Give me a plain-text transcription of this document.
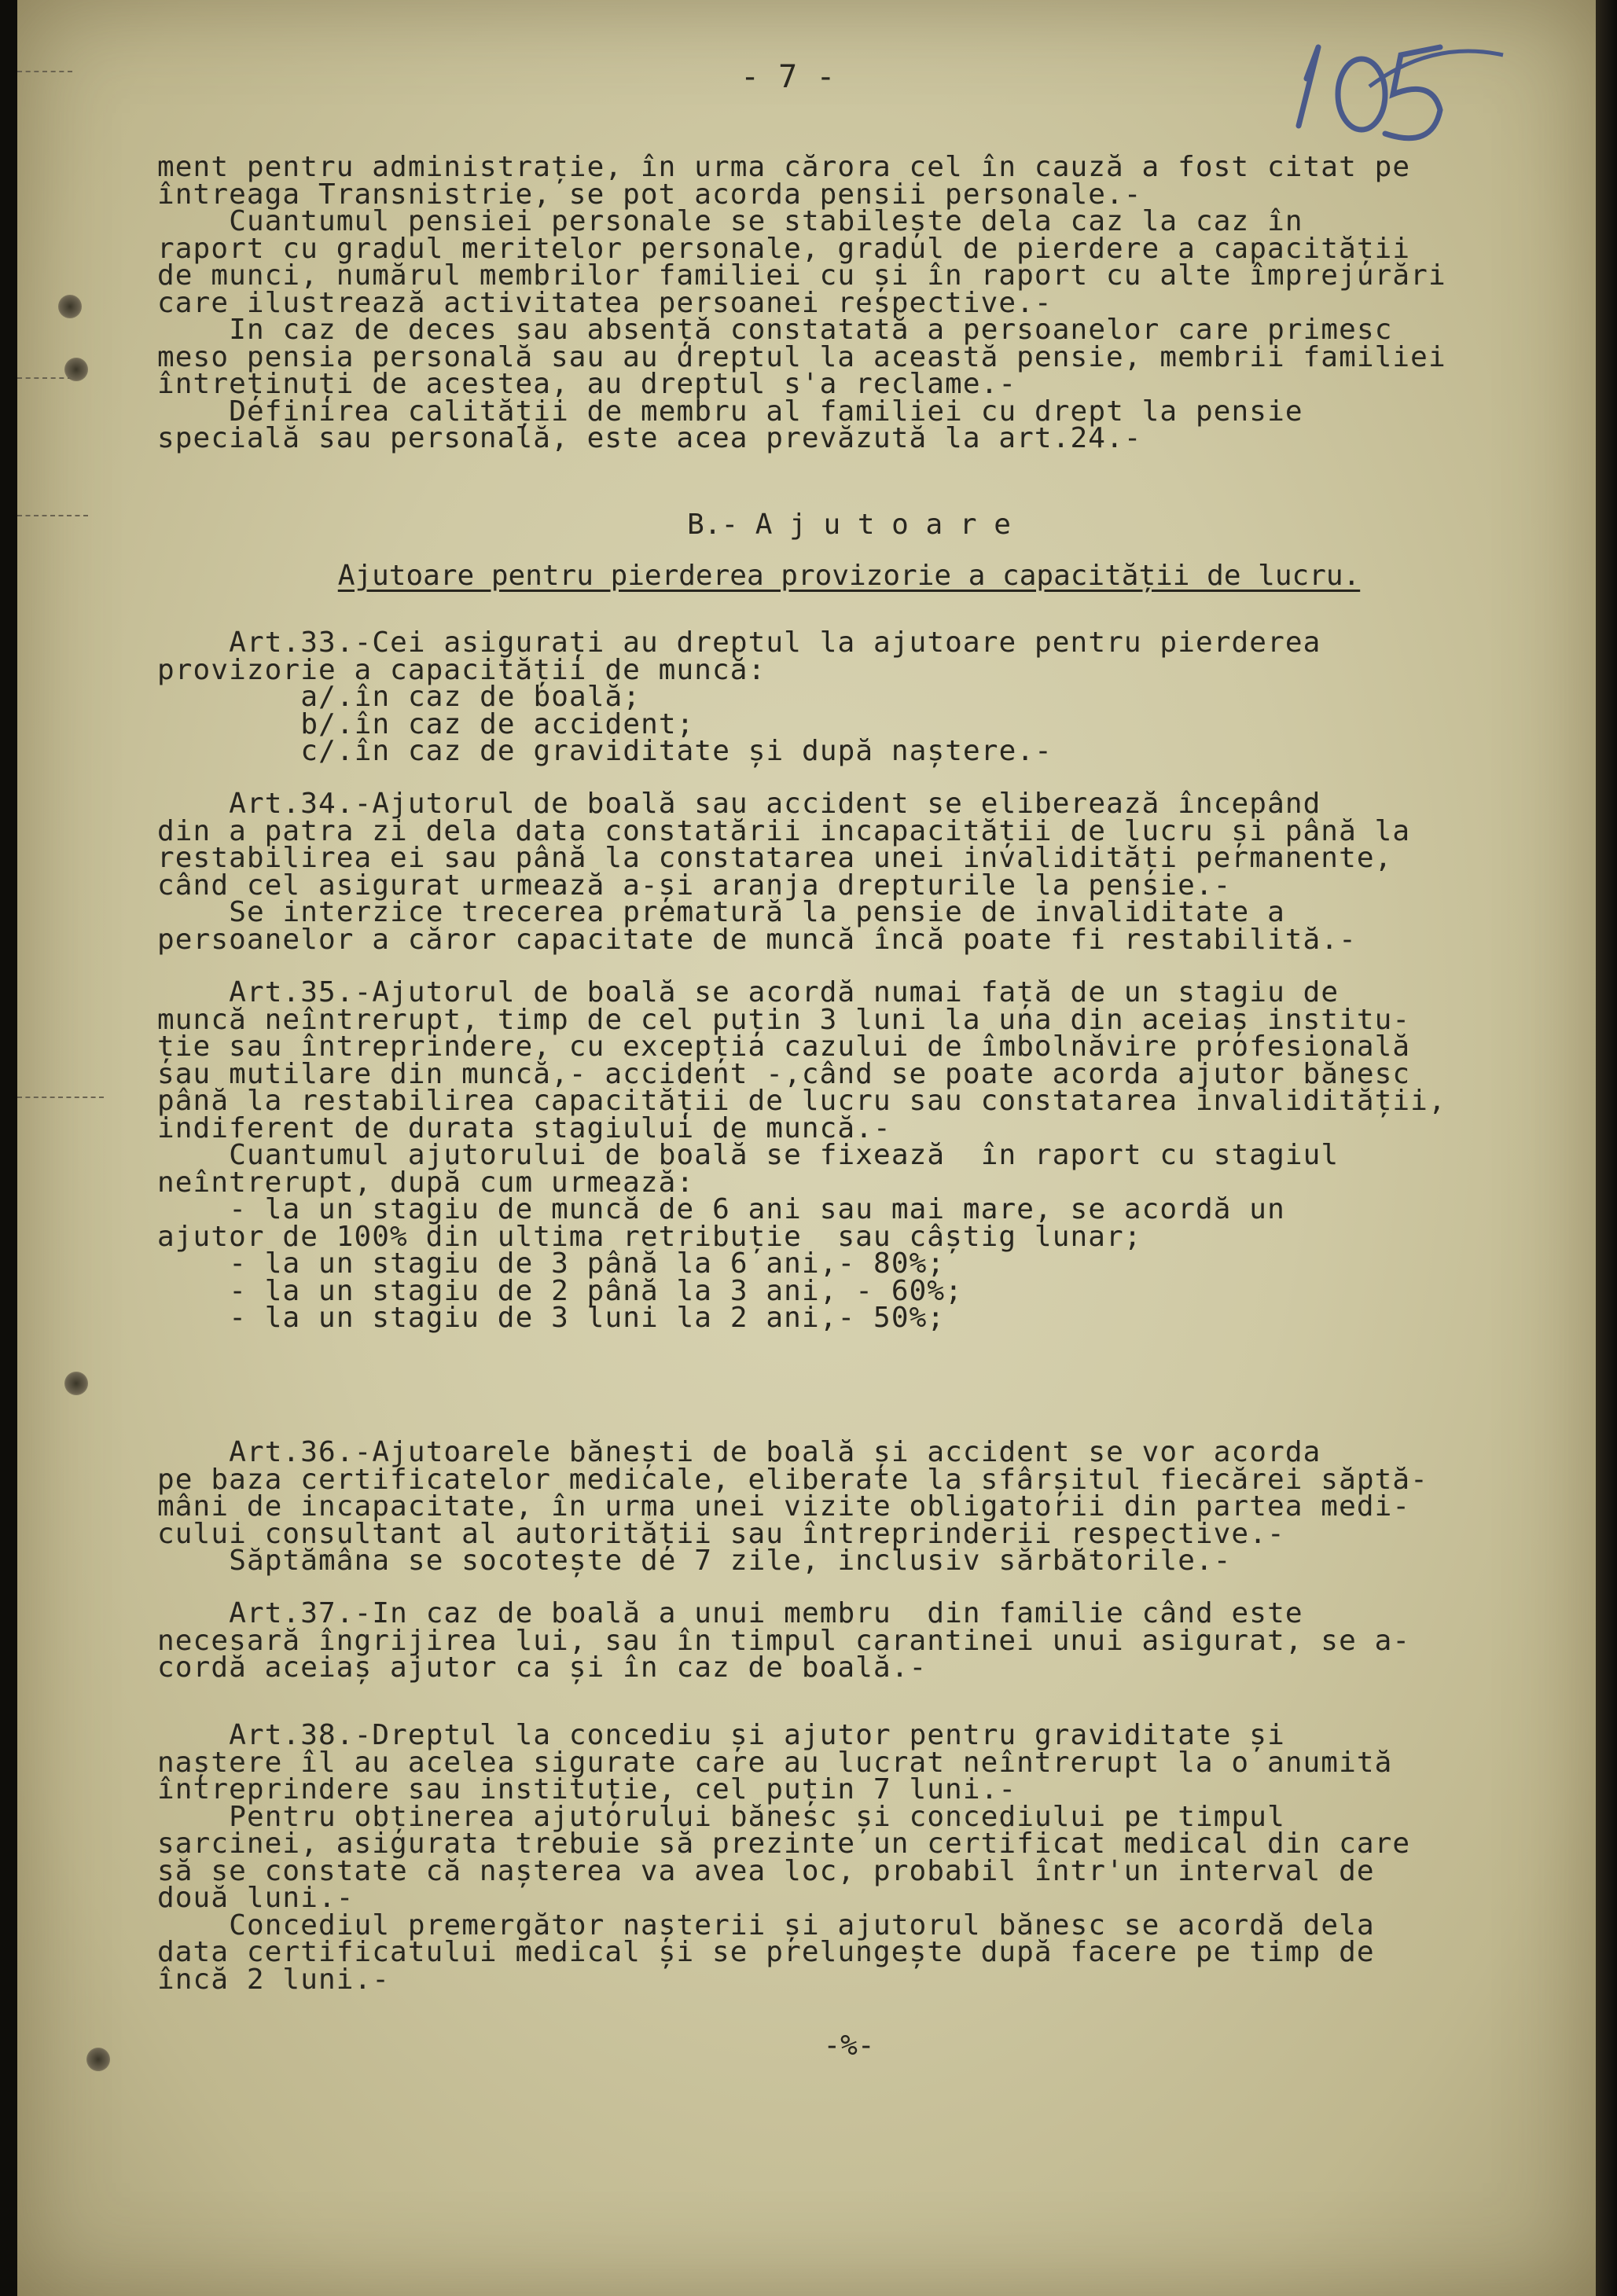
- 7 -
ment pentru administrație, în urma cărora cel în cauză a fost citat pe
întreaga Transnistrie, se pot acorda pensii personale.-
Cuantumul pensiei personale se stabilește dela caz la caz în
raport cu gradul meritelor personale, gradul de pierdere a capacității
de munci, numărul membrilor familiei cu și în raport cu alte împrejurări
care ilustrează activitatea persoanei respective.-
In caz de deces sau absență constatată a persoanelor care primesc
meso pensia personală sau au dreptul la această pensie, membrii familiei
întreținuți de acestea, au dreptul s'a reclame.-
Definirea calității de membru al familiei cu drept la pensie
specială sau personală, este acea prevăzută la art.24.-
B.- A j u t o a r e
Ajutoare pentru pierderea provizorie a capacității de lucru.
Art.33.-Cei asigurați au dreptul la ajutoare pentru pierderea
provizorie a capacității de muncă:
a/.în caz de boală;
b/.în caz de accident;
c/.în caz de graviditate și după naștere.-
Art.34.-Ajutorul de boală sau accident se eliberează începând
din a patra zi dela data constatării incapacității de lucru și până la
restabilirea ei sau până la constatarea unei invalidități permanente,
când cel asigurat urmează a-și aranja drepturile la pensie.-
Se interzice trecerea prematură la pensie de invaliditate a
persoanelor a căror capacitate de muncă încă poate fi restabilită.-
Art.35.-Ajutorul de boală se acordă numai față de un stagiu de
muncă neîntrerupt, timp de cel puțin 3 luni la una din aceiaș institu-
ție sau întreprindere, cu excepția cazului de îmbolnăvire profesională
sau mutilare din muncă,- accident -,când se poate acorda ajutor bănesc
până la restabilirea capacității de lucru sau constatarea invalidității,
indiferent de durata stagiului de muncă.-
Cuantumul ajutorului de boală se fixează  în raport cu stagiul
neîntrerupt, după cum urmează:
- la un stagiu de muncă de 6 ani sau mai mare, se acordă un
ajutor de 100% din ultima retribuție  sau câștig lunar;
- la un stagiu de 3 până la 6 ani,- 80%;
- la un stagiu de 2 până la 3 ani, - 60%;
- la un stagiu de 3 luni la 2 ani,- 50%;
Art.36.-Ajutoarele bănești de boală și accident se vor acorda
pe baza certificatelor medicale, eliberate la sfârșitul fiecărei săptă-
mâni de incapacitate, în urma unei vizite obligatorii din partea medi-
cului consultant al autorității sau întreprinderii respective.-
Săptămâna se socotește de 7 zile, inclusiv sărbătorile.-
Art.37.-In caz de boală a unui membru  din familie când este
necesară îngrijirea lui, sau în timpul carantinei unui asigurat, se a-
cordă aceiaș ajutor ca și în caz de boală.-
Art.38.-Dreptul la concediu și ajutor pentru graviditate și
naștere îl au acelea sigurate care au lucrat neîntrerupt la o anumită
întreprindere sau instituție, cel puțin 7 luni.-
Pentru obținerea ajutorului bănesc și concediului pe timpul
sarcinei, asigurata trebuie să prezinte un certificat medical din care
să se constate că nașterea va avea loc, probabil într'un interval de
două luni.-
Concediul premergător nașterii și ajutorul bănesc se acordă dela
data certificatului medical și se prelungește după facere pe timp de
încă 2 luni.-
-%-
